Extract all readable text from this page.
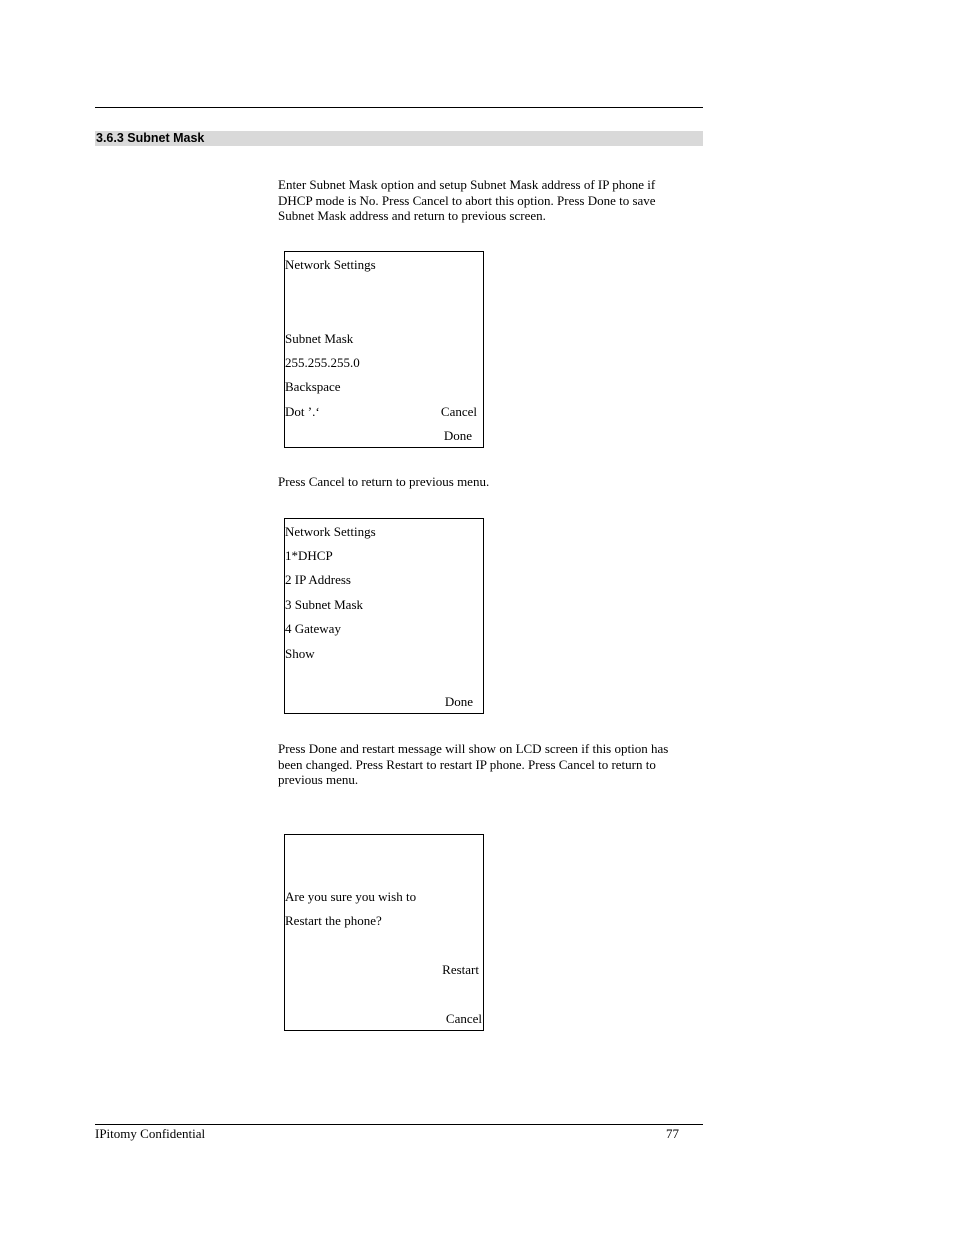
3.6.3 Subnet Mask

Enter Subnet Mask option and setup Subnet Mask address of IP phone if DHCP mode is No. Press Cancel to abort this option. Press Done to save Subnet Mask address and return to previous screen.

Network Settings
Subnet Mask
255.255.255.0
Backspace
Dot ’.‘	Cancel
Done

Press Cancel to return to previous menu.

Network Settings
1*DHCP
2 IP Address
3 Subnet Mask
4 Gateway
Show
Done

Press Done and restart message will show on LCD screen if this option has been changed. Press Restart to restart IP phone. Press Cancel to return to previous menu.

Are you sure you wish to
Restart the phone?
Restart
Cancel
IPitomy Confidential	77
